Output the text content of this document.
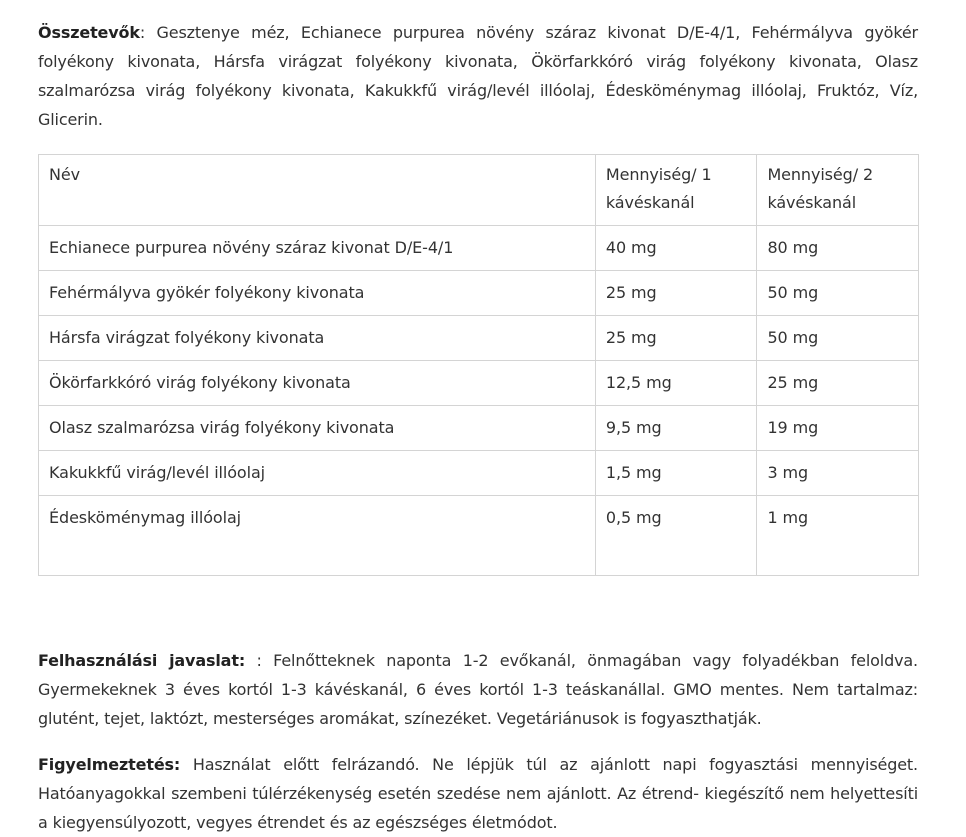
Összetevők: Gesztenye méz, Echianece purpurea növény száraz kivonat D/E-4/1, Fehérmályva gyökér folyékony kivonata, Hársfa virágzat folyékony kivonata, Ökörfarkkóró virág folyékony kivonata, Olasz szalmarózsa virág folyékony kivonata, Kakukkfű virág/levél illóolaj, Édesköménymag illóolaj, Fruktóz, Víz, Glicerin.

Név	Mennyiség/ 1 kávéskanál	Mennyiség/ 2 kávéskanál
Echianece purpurea növény száraz kivonat D/E-4/1	40 mg	80 mg
Fehérmályva gyökér folyékony kivonata	25 mg	50 mg
Hársfa virágzat folyékony kivonata	25 mg	50 mg
Ökörfarkkóró virág folyékony kivonata	12,5 mg	25 mg
Olasz szalmarózsa virág folyékony kivonata	9,5 mg	19 mg
Kakukkfű virág/levél illóolaj	1,5 mg	3 mg
Édesköménymag illóolaj	0,5 mg	1 mg

Felhasználási javaslat: : Felnőtteknek naponta 1-2 evőkanál, önmagában vagy folyadékban feloldva. Gyermekeknek 3 éves kortól 1-3 kávéskanál, 6 éves kortól 1-3 teáskanállal. GMO mentes. Nem tartalmaz: glutént, tejet, laktózt, mesterséges aromákat, színezéket. Vegetáriánusok is fogyaszthatják.

Figyelmeztetés: Használat előtt felrázandó. Ne lépjük túl az ajánlott napi fogyasztási mennyiséget. Hatóanyagokkal szembeni túlérzékenység esetén szedése nem ajánlott. Az étrend- kiegészítő nem helyettesíti a kiegyensúlyozott, vegyes étrendet és az egészséges életmódot.
